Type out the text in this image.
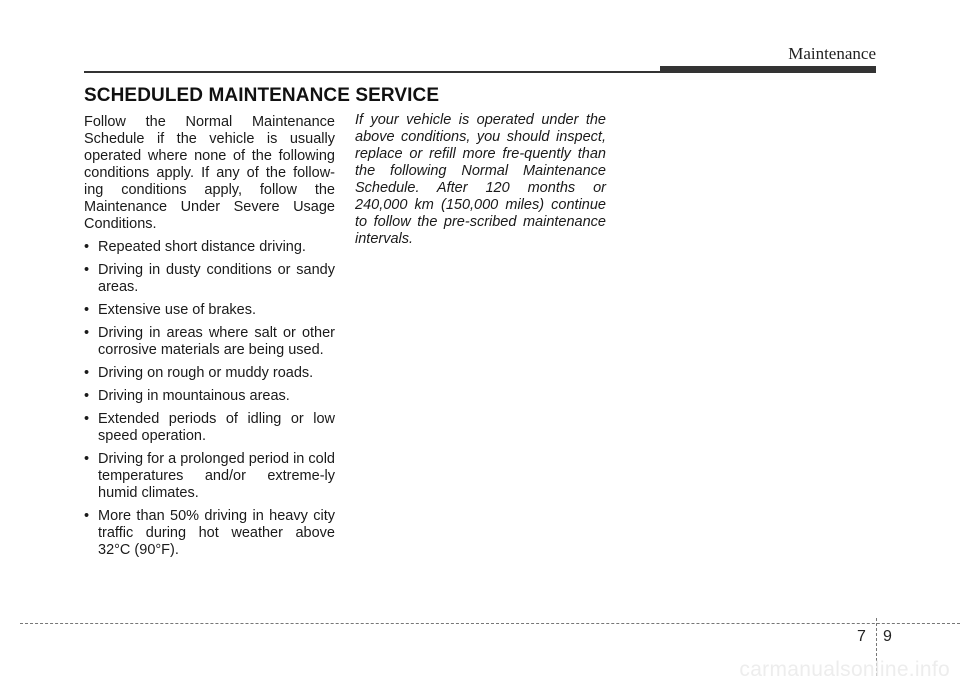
Maintenance
SCHEDULED MAINTENANCE SERVICE

Follow the Normal Maintenance Schedule if the vehicle is usually operated where none of the following conditions apply. If any of the follow-ing conditions apply, follow the Maintenance Under Severe Usage Conditions.

• Repeated short distance driving.
• Driving in dusty conditions or sandy areas.
• Extensive use of brakes.
• Driving in areas where salt or other corrosive materials are being used.
• Driving on rough or muddy roads.
• Driving in mountainous areas.
• Extended periods of idling or low speed operation.
• Driving for a prolonged period in cold temperatures and/or extreme-ly humid climates.
• More than 50% driving in heavy city traffic during hot weather above 32°C (90°F).

If your vehicle is operated under the above conditions, you should inspect, replace or refill more fre-quently than the following Normal Maintenance Schedule. After 120 months or 240,000 km (150,000 miles) continue to follow the pre-scribed maintenance intervals.

7 9
carmanualsonline.info
